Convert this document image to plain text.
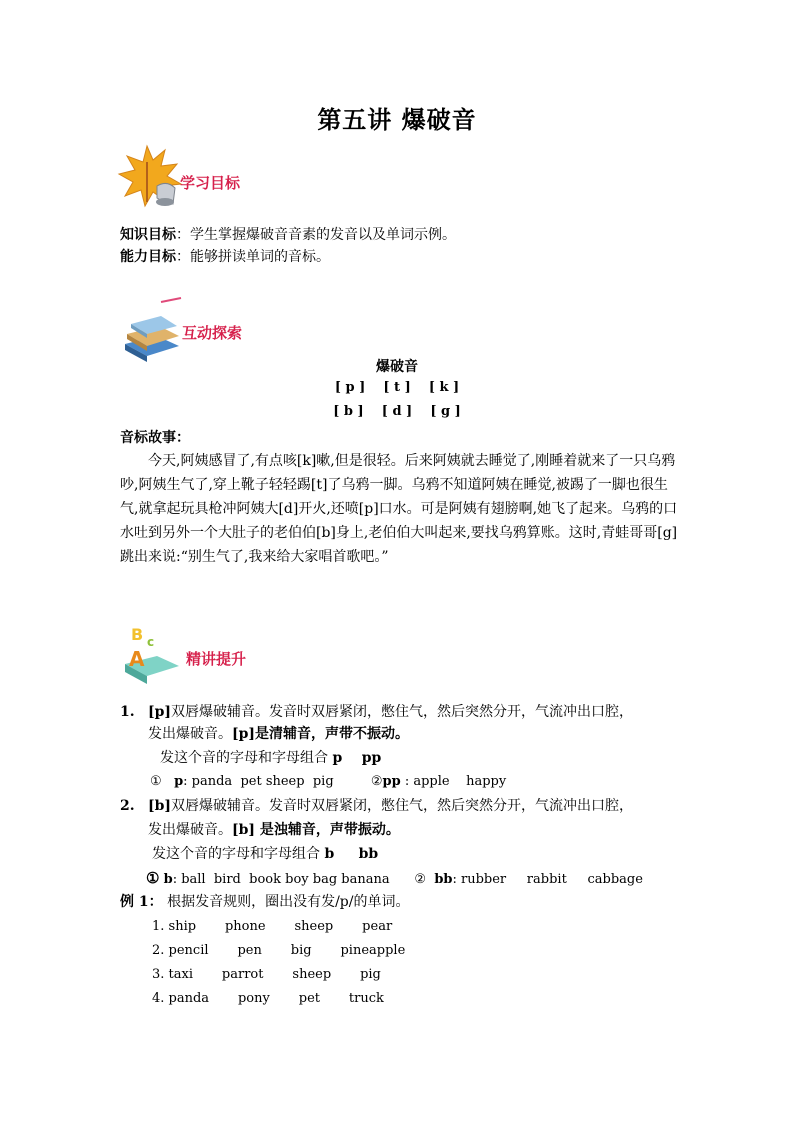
第五讲 爆破音
学习目标
知识目标：学生掌握爆破音音素的发音以及单词示例。
能力目标：能够拼读单词的音标。
互动探索
爆破音
[ p ]    [ t ]    [ k ]
[ b ]    [ d ]    [ g ]
音标故事：
今天,阿姨感冒了,有点咳[k]嗽,但是很轻。后来阿姨就去睡觉了,刚睡着就来了一只乌鸦吵,阿姨生气了,穿上靴子轻轻踢[t]了乌鸦一脚。乌鸦不知道阿姨在睡觉,被踢了一脚也很生气,就拿起玩具枪冲阿姨大[d]开火,还喷[p]口水。可是阿姨有翅膀啊,她飞了起来。乌鸦的口水吐到另外一个大肚子的老伯伯[b]身上,老伯伯大叫起来,要找乌鸦算账。这时,青蛙哥哥[g]跳出来说:“别生气了,我来给大家唱首歌吧。”
B c
A	精讲提升
1. [p]双唇爆破辅音。发音时双唇紧闭，憋住气，然后突然分开，气流冲出口腔，
发出爆破音。[p]是清辅音，声带不振动。
发这个音的字母和字母组合 p    pp
① p: panda  pet sheep  pig	②pp : apple    happy
2. [b]双唇爆破辅音。发音时双唇紧闭，憋住气，然后突然分开，气流冲出口腔，
发出爆破音。[b] 是浊辅音，声带振动。
发这个音的字母和字母组合 b     bb
① b: ball  bird  book boy bag banana ② bb: rubber     rabbit     cabbage
例 1： 根据发音规则，圈出没有发/p/的单词。
1. ship       phone       sheep       pear
2. pencil       pen       big       pineapple
3. taxi       parrot       sheep       pig
4. panda       pony       pet       truck
